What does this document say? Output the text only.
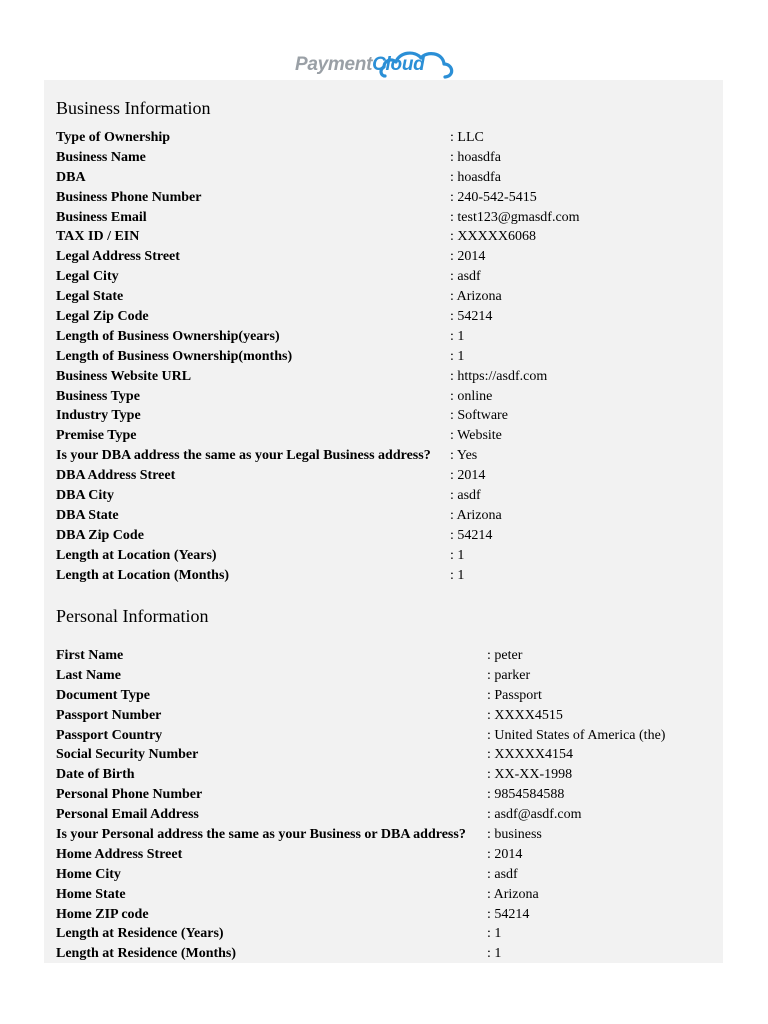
PaymentCloud
Business Information
Type of Ownership	: LLC
Business Name	: hoasdfa
DBA	: hoasdfa
Business Phone Number	: 240-542-5415
Business Email	: test123@gmasdf.com
TAX ID / EIN	: XXXXX6068
Legal Address Street	: 2014
Legal City	: asdf
Legal State	: Arizona
Legal Zip Code	: 54214
Length of Business Ownership(years)	: 1
Length of Business Ownership(months)	: 1
Business Website URL	: https://asdf.com
Business Type	: online
Industry Type	: Software
Premise Type	: Website
Is your DBA address the same as your Legal Business address? : Yes
DBA Address Street	: 2014
DBA City	: asdf
DBA State	: Arizona
DBA Zip Code	: 54214
Length at Location (Years)	: 1
Length at Location (Months)	: 1
Personal Information
First Name	: peter
Last Name	: parker
Document Type	: Passport
Passport Number	: XXXX4515
Passport Country	: United States of America (the)
Social Security Number	: XXXXX4154
Date of Birth	: XX-XX-1998
Personal Phone Number	: 9854584588
Personal Email Address	: asdf@asdf.com
Is your Personal address the same as your Business or DBA address? : business
Home Address Street	: 2014
Home City	: asdf
Home State	: Arizona
Home ZIP code	: 54214
Length at Residence (Years)	: 1
Length at Residence (Months)	: 1
